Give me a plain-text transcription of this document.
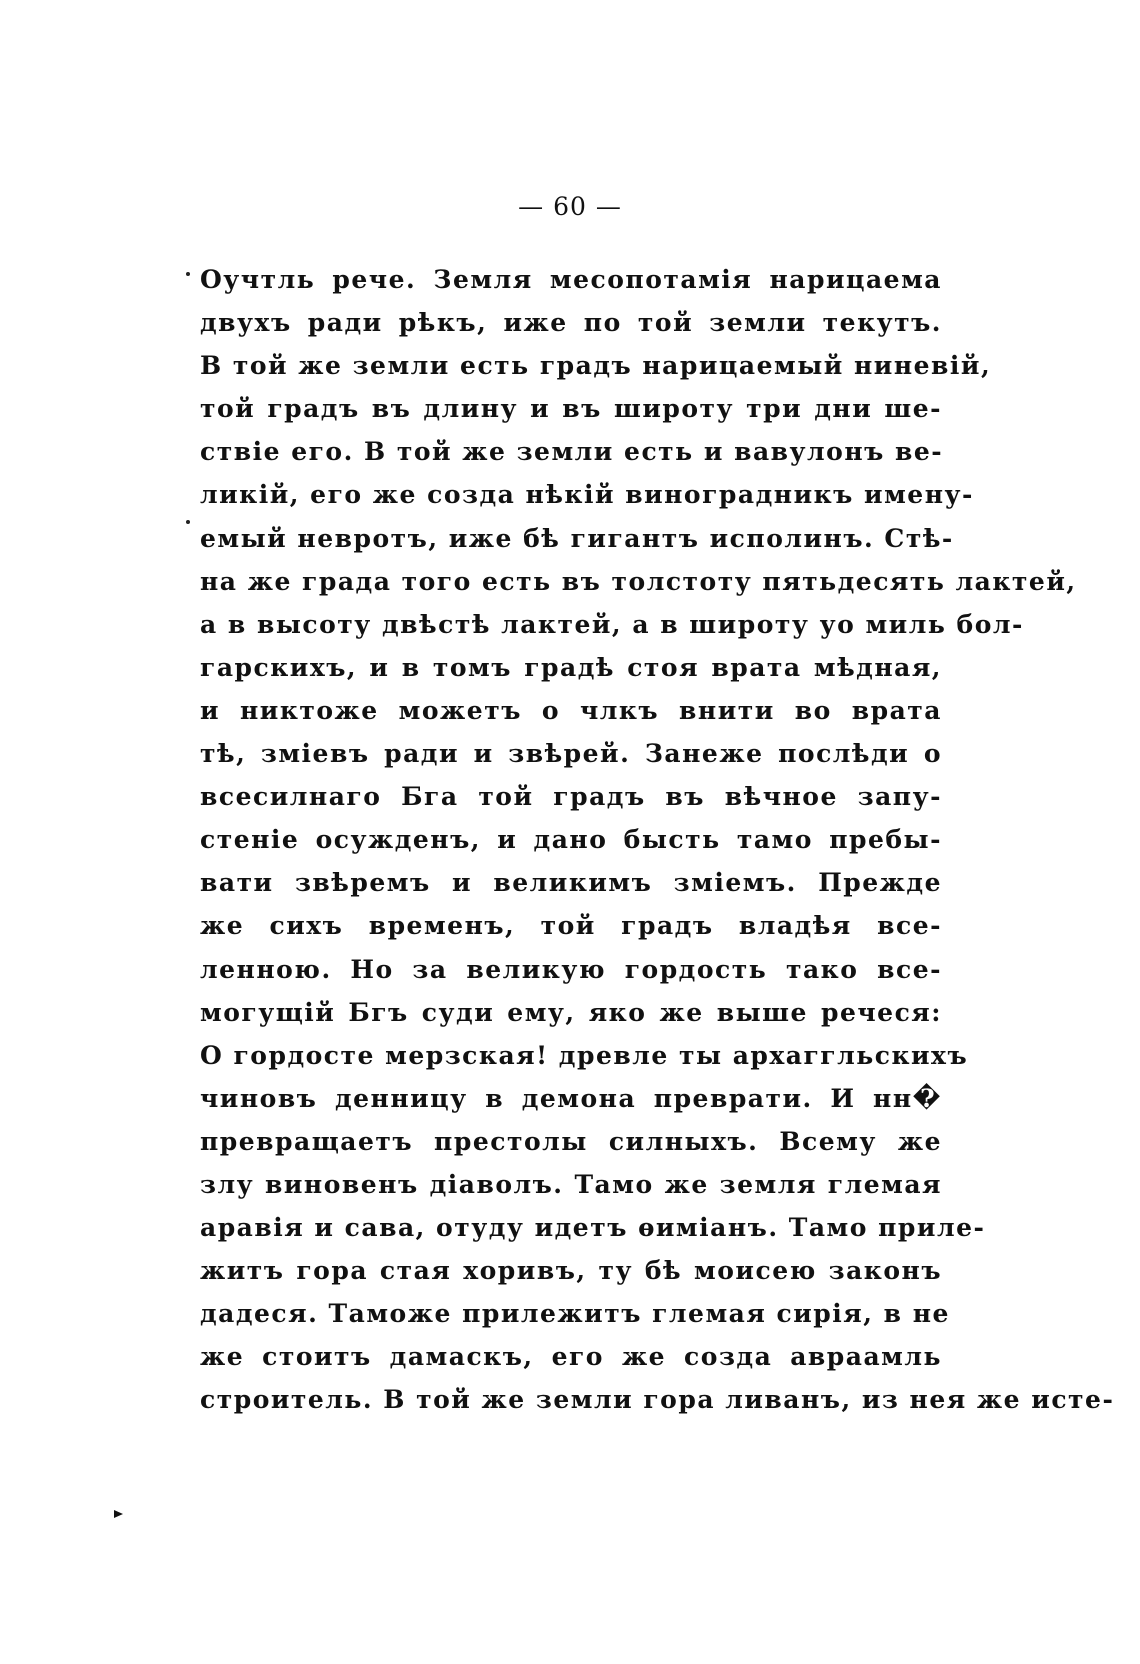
— 60 —
Оучтль рече. Земля месопотамія нарицаема
двухъ ради рѣкъ, иже по той земли текутъ.
В той же земли есть градъ нарицаемый ниневій,
той градъ въ длину и въ широту три дни ше-
ствіе его. В той же земли есть и вавулонъ ве-
ликій, его же созда нѣкій виноградникъ имену-
емый невротъ, иже бѣ гигантъ исполинъ. Стѣ-
на же града того есть въ толстоту пятьдесять лактей,
а в высоту двѣстѣ лактей, а в широту уо миль бол-
гарскихъ, и в томъ градѣ стоя врата мѣдная,
и никтоже можетъ о члкъ внити во врата
тѣ, зміевъ ради и звѣрей. Занеже послѣди о
всесилнаго Бга той градъ въ вѣчное запу-
стеніе осужденъ, и дано бысть тамо пребы-
вати звѣремъ и великимъ зміемъ. Прежде
же сихъ временъ, той градъ владѣя все-
ленною. Но за великую гордость тако все-
могущій Бгъ суди ему, яко же выше речеся:
О гордосте мерзская! древле ты архаггльскихъ
чиновъ денницу в демона преврати. И нн�
превращаетъ престолы силныхъ. Всему же
злу виновенъ діаволъ. Тамо же земля глемая
аравія и сава, отуду идетъ ѳиміанъ. Тамо прилe-
житъ гора стая хоривъ, ту бѣ моисею законъ
дадеся. Таможе прилежитъ глемая сирія, в не
же стоитъ дамаскъ, его же созда авраамль
строитель. В той же земли гора ливанъ, из нея же исте-
